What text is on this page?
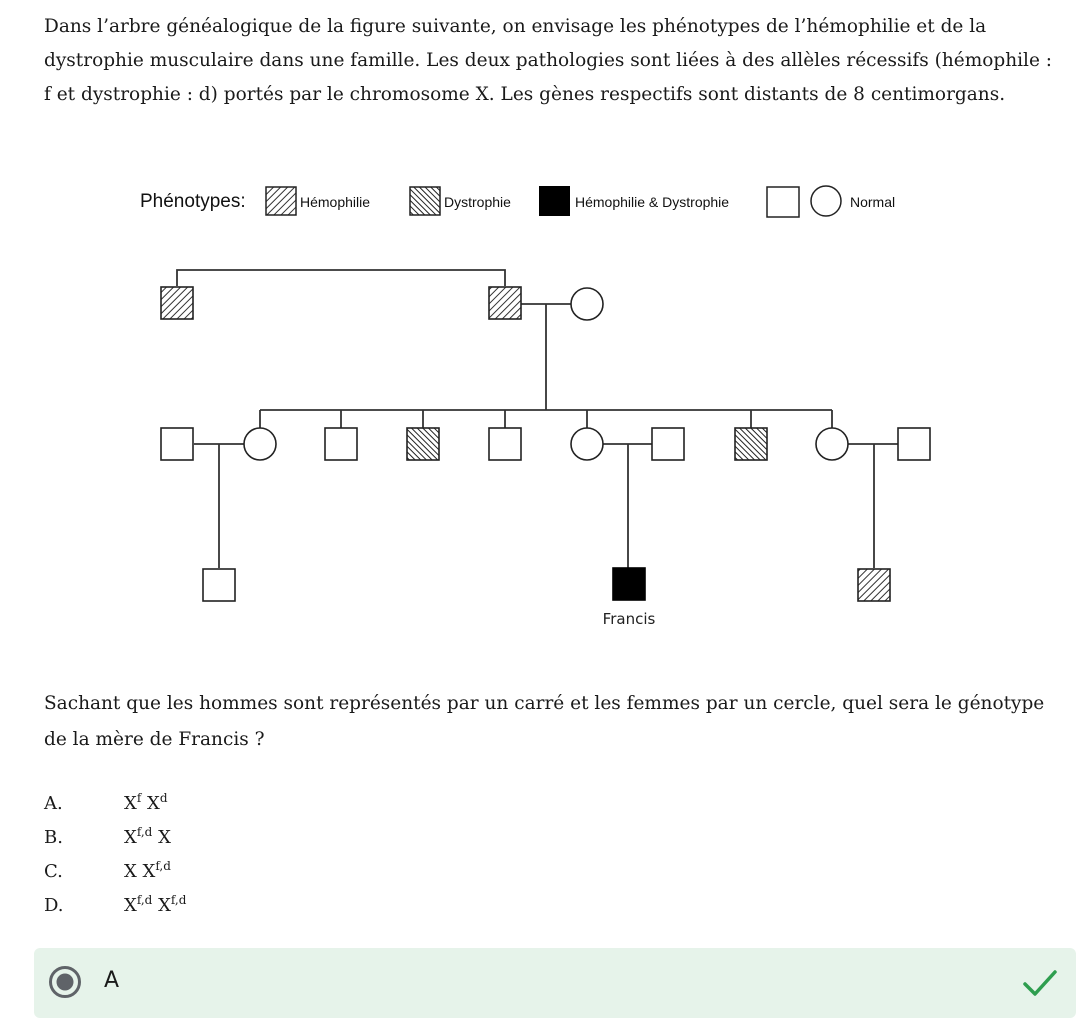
Dans l’arbre généalogique de la figure suivante, on envisage les phénotypes de l’hémophilie et de la dystrophie musculaire dans une famille. Les deux pathologies sont liées à des allèles récessifs (hémophile : f et dystrophie : d) portés par le chromosome X. Les gènes respectifs sont distants de 8 centimorgans.
Phénotypes:	Hémophilie	Dystrophie	Hémophilie & Dystrophie	Normal
Francis
Sachant que les hommes sont représentés par un carré et les femmes par un cercle, quel sera le génotype de la mère de Francis ?
A.	$X^f$ $X^d$
B.	X$^{f,d}$ X
C.	X X$^{f,d}$
D.	X$^{f,d}$ X$^{f,d}$
A
